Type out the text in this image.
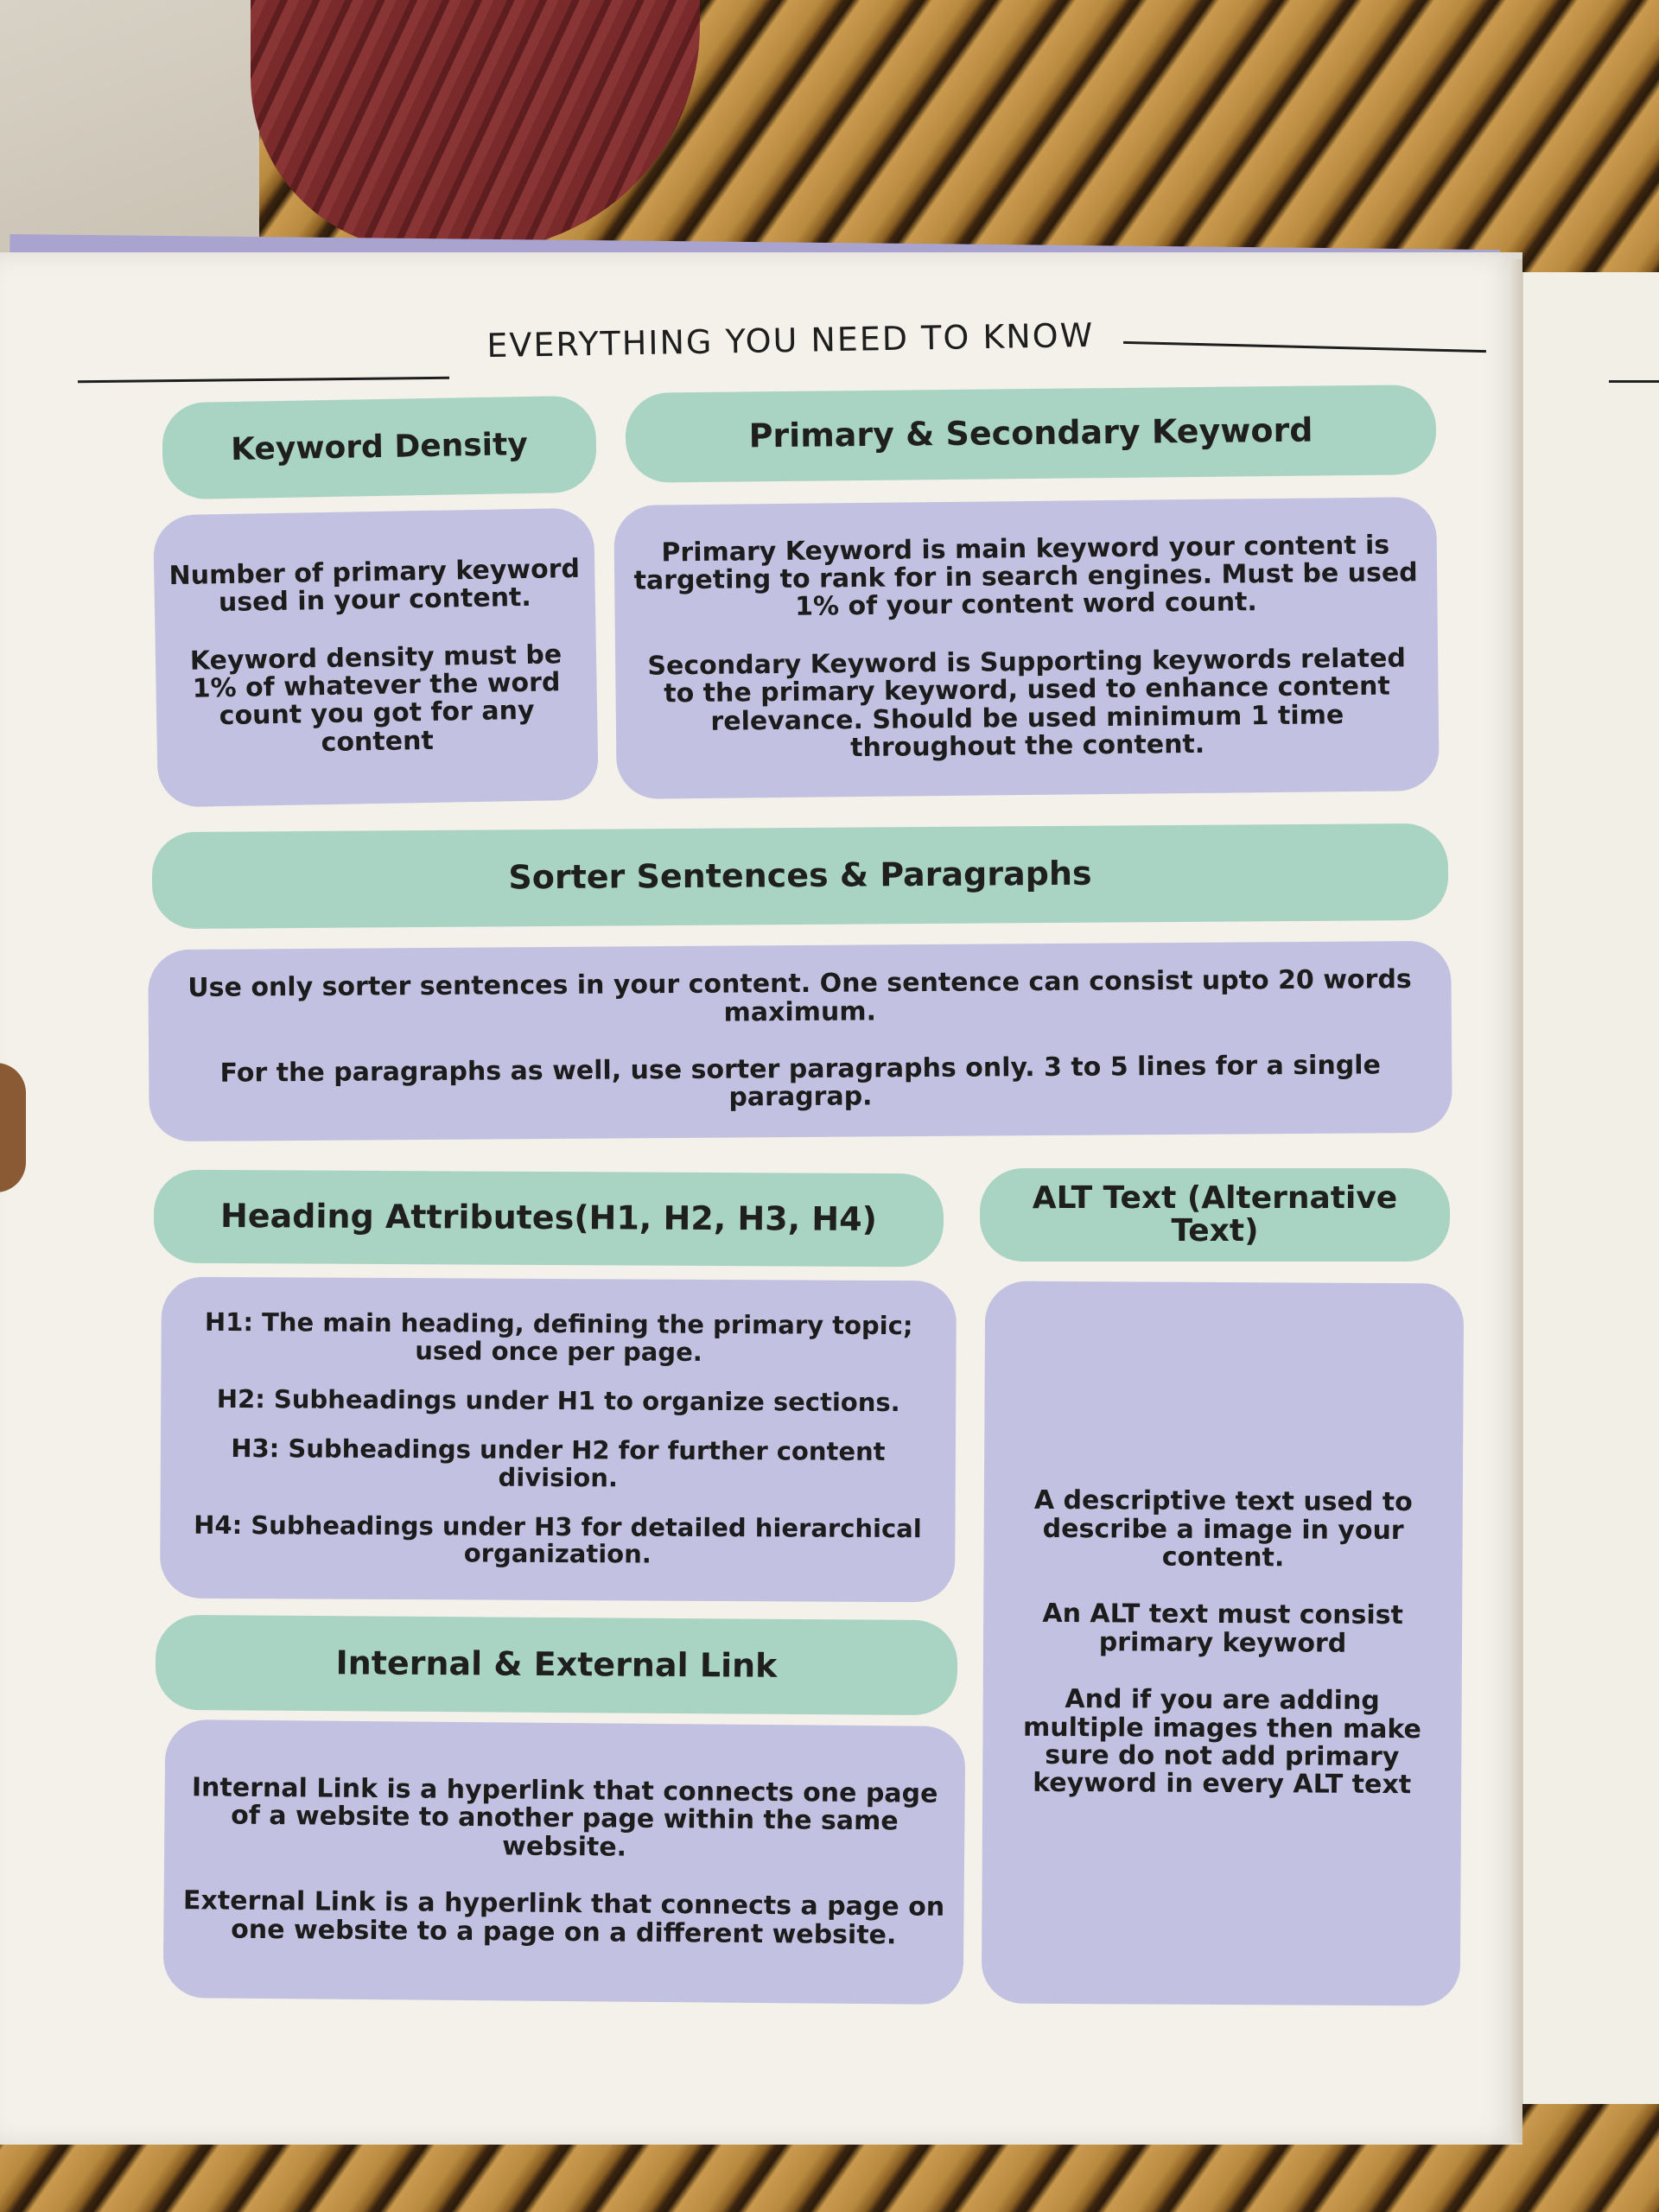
EVERYTHING YOU NEED TO KNOW
Keyword Density

Number of primary keyword used in your content.

Keyword density must be 1% of whatever the word count you got for any content

Primary & Secondary Keyword

Primary Keyword is main keyword your content is targeting to rank for in search engines. Must be used 1% of your content word count.

Secondary Keyword is Supporting keywords related to the primary keyword, used to enhance content relevance. Should be used minimum 1 time throughout the content.

Sorter Sentences & Paragraphs

Use only sorter sentences in your content. One sentence can consist upto 20 words maximum.

For the paragraphs as well, use sorter paragraphs only. 3 to 5 lines for a single paragrap.

Heading Attributes(H1, H2, H3, H4)

H1: The main heading, defining the primary topic; used once per page.

H2: Subheadings under H1 to organize sections.

H3: Subheadings under H2 for further content division.

H4: Subheadings under H3 for detailed hierarchical organization.

Internal & External Link

Internal Link is a hyperlink that connects one page of a website to another page within the same website.

External Link is a hyperlink that connects a page on one website to a page on a different website.

ALT Text (Alternative Text)

A descriptive text used to describe a image in your content.

An ALT text must consist primary keyword

And if you are adding multiple images then make sure do not add primary keyword in every ALT text
